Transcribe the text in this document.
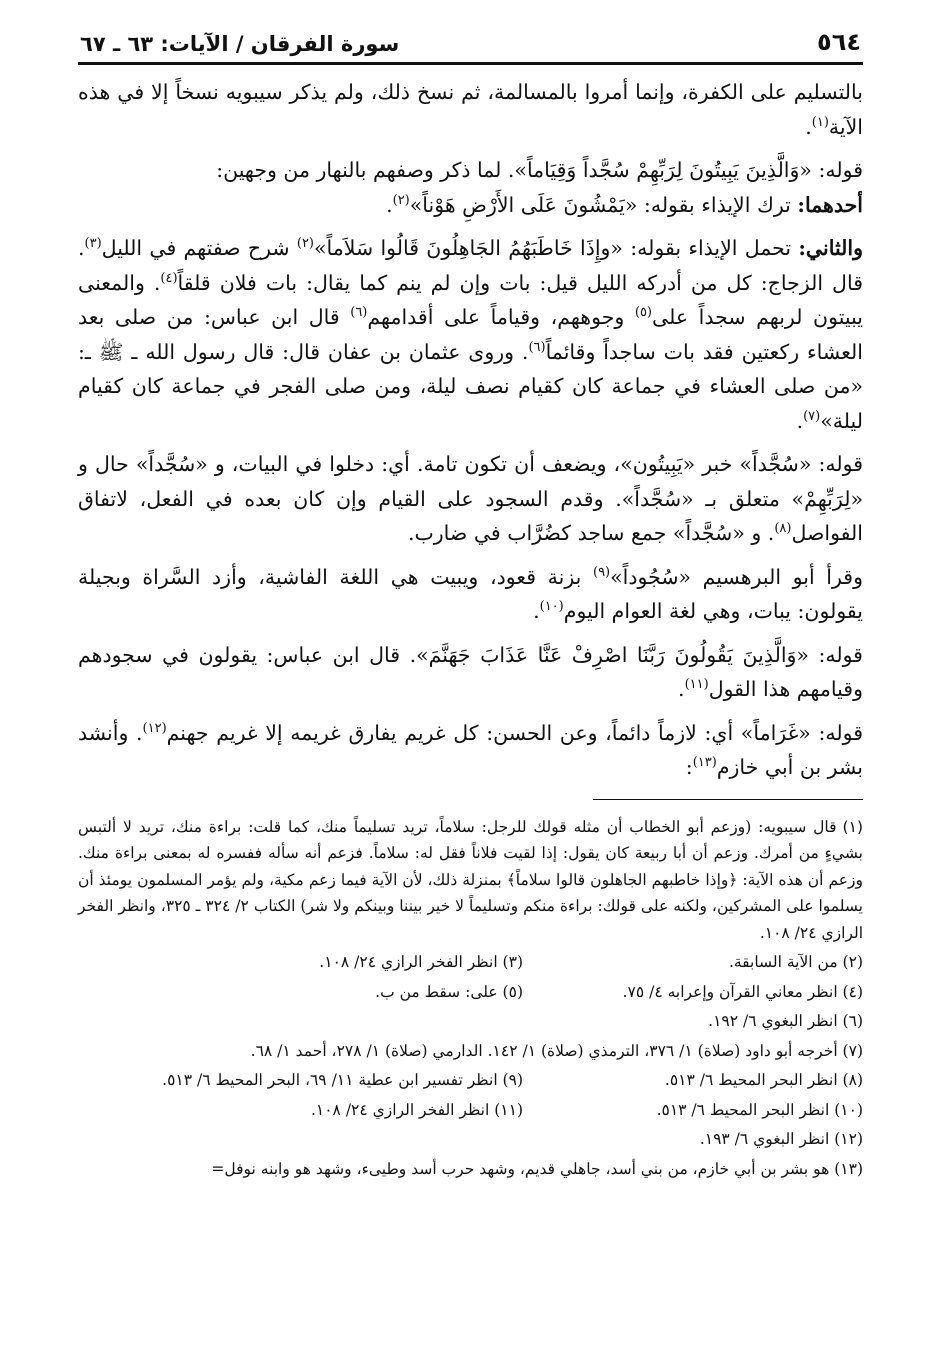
٥٦٤
سورة الفرقان / الآيات: ٦٣ ـ ٦٧

بالتسليم على الكفرة، وإنما أمروا بالمسالمة، ثم نسخ ذلك، ولم يذكر سيبويه نسخاً إلا في هذه الآية$^{(١)}$.

قوله: «وَالَّذِينَ يَبِيتُونَ لِرَبِّهِمْ سُجَّداً وَقِيَاماً». لما ذكر وصفهم بالنهار من وجهين:

أحدهما: ترك الإيذاء بقوله: «يَمْشُونَ عَلَى الأَرْضِ هَوْناً»$^{(٢)}$.

والثاني: تحمل الإيذاء بقوله: «وإِذَا خَاطَبَهُمُ الجَاهِلُونَ قَالُوا سَلاَماً»$^{(٢)}$ شرح صفتهم في الليل$^{(٣)}$. قال الزجاج: كل من أدركه الليل قيل: بات وإن لم ينم كما يقال: بات فلان قلقاً$^{(٤)}$. والمعنى يبيتون لربهم سجداً على$^{(٥)}$ وجوههم، وقياماً على أقدامهم$^{(٦)}$ قال ابن عباس: من صلى بعد العشاء ركعتين فقد بات ساجداً وقائماً$^{(٦)}$. وروى عثمان بن عفان قال: قال رسول الله ـ ﷺ ـ: «من صلى العشاء في جماعة كان كقيام نصف ليلة، ومن صلى الفجر في جماعة كان كقيام ليلة»$^{(٧)}$.

قوله: «سُجَّداً» خبر «يَبِيتُون»، ويضعف أن تكون تامة. أي: دخلوا في البيات، و «سُجَّداً» حال و «لِرَبِّهِمْ» متعلق بـ «سُجَّداً». وقدم السجود على القيام وإن كان بعده في الفعل، لاتفاق الفواصل$^{(٨)}$. و «سُجَّداً» جمع ساجد كضُرَّاب في ضارب.

وقرأ أبو البرهسيم «سُجُوداً»$^{(٩)}$ بزنة قعود، ويبيت هي اللغة الفاشية، وأزد السَّراة وبجيلة يقولون: يبات، وهي لغة العوام اليوم$^{(١٠)}$.

قوله: «وَالَّذِينَ يَقُولُونَ رَبَّنَا اصْرِفْ عَنَّا عَذَابَ جَهَنَّمَ». قال ابن عباس: يقولون في سجودهم وقيامهم هذا القول$^{(١١)}$.

قوله: «غَرَاماً» أي: لازماً دائماً، وعن الحسن: كل غريم يفارق غريمه إلا غريم جهنم$^{(١٢)}$. وأنشد بشر بن أبي خازم$^{(١٣)}$:

(١)قال سيبويه: (وزعم أبو الخطاب أن مثله قولك للرجل: سلاماً، تريد تسليماً منك، كما قلت: براءة منك، تريد لا ألتبس بشيءٍ من أمرك. وزعم أن أبا ربيعة كان يقول: إذا لقيت فلاناً فقل له: سلاماً. فزعم أنه سأله ففسره له بمعنى براءة منك. وزعم أن هذه الآية: ﴿وإذا خاطبهم الجاهلون قالوا سلاماً﴾ بمنزلة ذلك، لأن الآية فيما زعم مكية، ولم يؤمر المسلمون يومئذ أن يسلموا على المشركين، ولكنه على قولك: براءة منكم وتسليماً لا خير بيننا وبينكم ولا شر) الكتاب ٢/ ٣٢٤ ـ ٣٢٥، وانظر الفخر الرازي ٢٤/ ١٠٨.
(٢) من الآية السابقة.
(٣) انظر الفخر الرازي ٢٤/ ١٠٨.
(٤) انظر معاني القرآن وإعرابه ٤/ ٧٥.
(٥) على: سقط من ب.
(٦) انظر البغوي ٦/ ١٩٢.
(٧) أخرجه أبو داود (صلاة) ١/ ٣٧٦، الترمذي (صلاة) ١/ ١٤٢. الدارمي (صلاة) ١/ ٢٧٨، أحمد ١/ ٦٨.
(٨) انظر البحر المحيط ٦/ ٥١٣.
(٩) انظر تفسير ابن عطية ١١/ ٦٩، البحر المحيط ٦/ ٥١٣.
(١٠) انظر البحر المحيط ٦/ ٥١٣.
(١١) انظر الفخر الرازي ٢٤/ ١٠٨.
(١٢) انظر البغوي ٦/ ١٩٣.
(١٣) هو بشر بن أبي خازم، من بني أسد، جاهلي قديم، وشهد حرب أسد وطيىء، وشهد هو وابنه نوفل=
